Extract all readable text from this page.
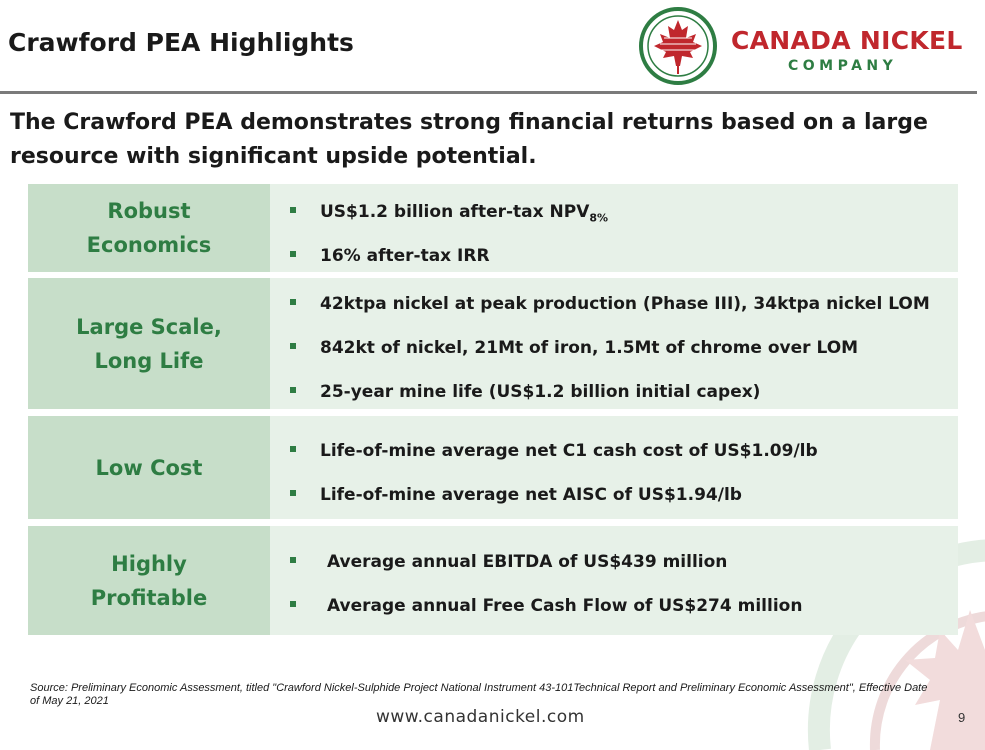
Crawford PEA Highlights	CANADA NICKEL
COMPANY
The Crawford PEA demonstrates strong financial returns based on a large resource with significant upside potential.
Robust
Economics
US$1.2 billion after-tax $NPV_{8\%}$
16% after-tax IRR
Large Scale,
Long Life
42ktpa nickel at peak production (Phase III), 34ktpa nickel LOM
842kt of nickel, 21Mt of iron, 1.5Mt of chrome over LOM
25-year mine life (US$1.2 billion initial capex)
Low Cost
Life-of-mine average net C1 cash cost of US$1.09/lb
Life-of-mine average net AISC of US$1.94/lb
Highly
Profitable
Average annual EBITDA of US$439 million
Average annual Free Cash Flow of US$274 million
Source: Preliminary Economic Assessment, titled "Crawford Nickel-Sulphide Project National Instrument 43-101Technical Report and Preliminary Economic Assessment", Effective Date of May 21, 2021
www.canadanickel.com	9
